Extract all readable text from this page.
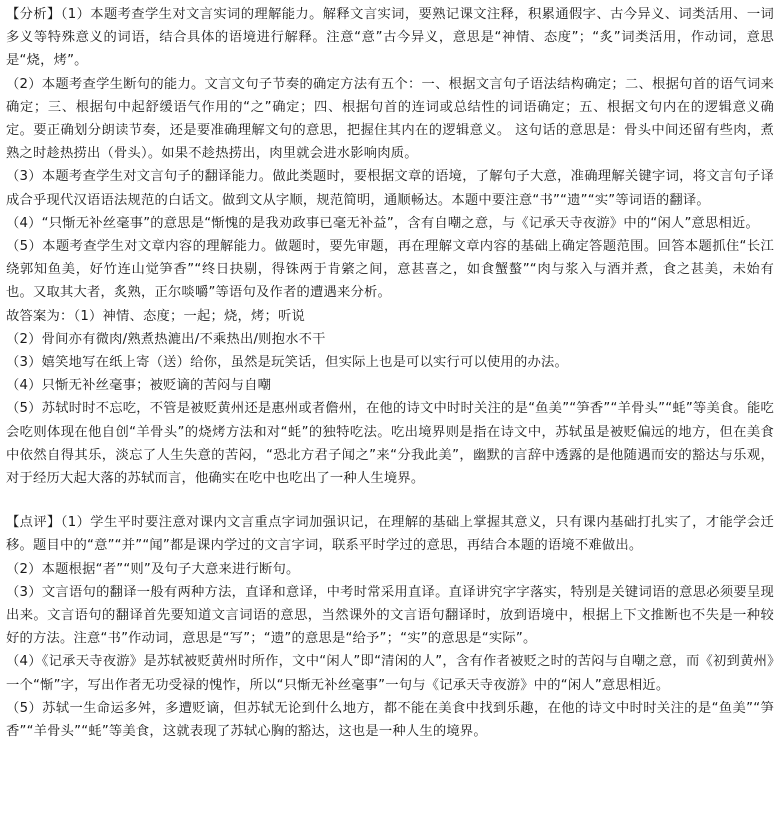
【分析】（1）本题考查学生对文言实词的理解能力。解释文言实词，要熟记课文注释，积累通假字、古今异义、词类活用、一词多义等特殊意义的词语，结合具体的语境进行解释。注意“意”古今异义，意思是“神情、态度”；“炙”词类活用，作动词，意思是“烧，烤”。

（2）本题考查学生断句的能力。文言文句子节奏的确定方法有五个：一、根据文言句子语法结构确定；二、根据句首的语气词来确定；三、根据句中起舒缓语气作用的“之”确定；四、根据句首的连词或总结性的词语确定；五、根据文句内在的逻辑意义确定。要正确划分朗读节奏，还是要准确理解文句的意思，把握住其内在的逻辑意义。 这句话的意思是：骨头中间还留有些肉，煮熟之时趁热捞出（骨头）。如果不趁热捞出，肉里就会进水影响肉质。

（3）本题考查学生对文言句子的翻译能力。做此类题时，要根据文章的语境，了解句子大意，准确理解关键字词，将文言句子译成合乎现代汉语语法规范的白话文。做到文从字顺，规范简明，通顺畅达。本题中要注意“书”“遗”“实”等词语的翻译。

（4）“只惭无补丝毫事”的意思是“惭愧的是我劝政事已毫无补益”，含有自嘲之意，与《记承天寺夜游》中的“闲人”意思相近。

（5）本题考查学生对文章内容的理解能力。做题时，要先审题，再在理解文章内容的基础上确定答题范围。回答本题抓住“长江绕郭知鱼美，好竹连山觉笋香”“终日抉剔，得铢两于肯綮之间，意甚喜之，如食蟹螯”“肉与浆入与酒并煮，食之甚美，未始有也。又取其大者，炙熟，正尔啖嚼”等语句及作者的遭遇来分析。

故答案为：（1）神情、态度；一起；烧，烤；听说

（2）骨间亦有微肉/熟煮热漉出/不乘热出/则抱水不干

（3）嬉笑地写在纸上寄（送）给你，虽然是玩笑话，但实际上也是可以实行可以使用的办法。

（4）只惭无补丝毫事；被贬谪的苦闷与自嘲

（5）苏轼时时不忘吃，不管是被贬黄州还是惠州或者儋州，在他的诗文中时时关注的是“鱼美”“笋香”“羊骨头”“蚝”等美食。能吃会吃则体现在他自创“羊骨头”的烧烤方法和对“蚝”的独特吃法。吃出境界则是指在诗文中，苏轼虽是被贬偏远的地方，但在美食中依然自得其乐，淡忘了人生失意的苦闷，“恐北方君子闻之”来“分我此美”，幽默的言辞中透露的是他随遇而安的豁达与乐观，对于经历大起大落的苏轼而言，他确实在吃中也吃出了一种人生境界。

【点评】（1）学生平时要注意对课内文言重点字词加强识记，在理解的基础上掌握其意义，只有课内基础打扎实了，才能学会迁移。题目中的“意”“并”“闻”都是课内学过的文言字词，联系平时学过的意思，再结合本题的语境不难做出。

（2）本题根据“者”“则”及句子大意来进行断句。

（3）文言语句的翻译一般有两种方法，直译和意译，中考时常采用直译。直译讲究字字落实，特别是关键词语的意思必须要呈现出来。文言语句的翻译首先要知道文言词语的意思，当然课外的文言语句翻译时，放到语境中，根据上下文推断也不失是一种较好的方法。注意“书”作动词，意思是“写”；“遗”的意思是“给予”；“实”的意思是“实际”。

（4）《记承天寺夜游》是苏轼被贬黄州时所作，文中“闲人”即“清闲的人”，含有作者被贬之时的苦闷与自嘲之意，而《初到黄州》一个“惭”字，写出作者无功受禄的愧怍，所以“只惭无补丝毫事”一句与《记承天寺夜游》中的“闲人”意思相近。

（5）苏轼一生命运多舛，多遭贬谪，但苏轼无论到什么地方，都不能在美食中找到乐趣，在他的诗文中时时关注的是“鱼美”“笋香”“羊骨头”“蚝”等美食，这就表现了苏轼心胸的豁达，这也是一种人生的境界。
